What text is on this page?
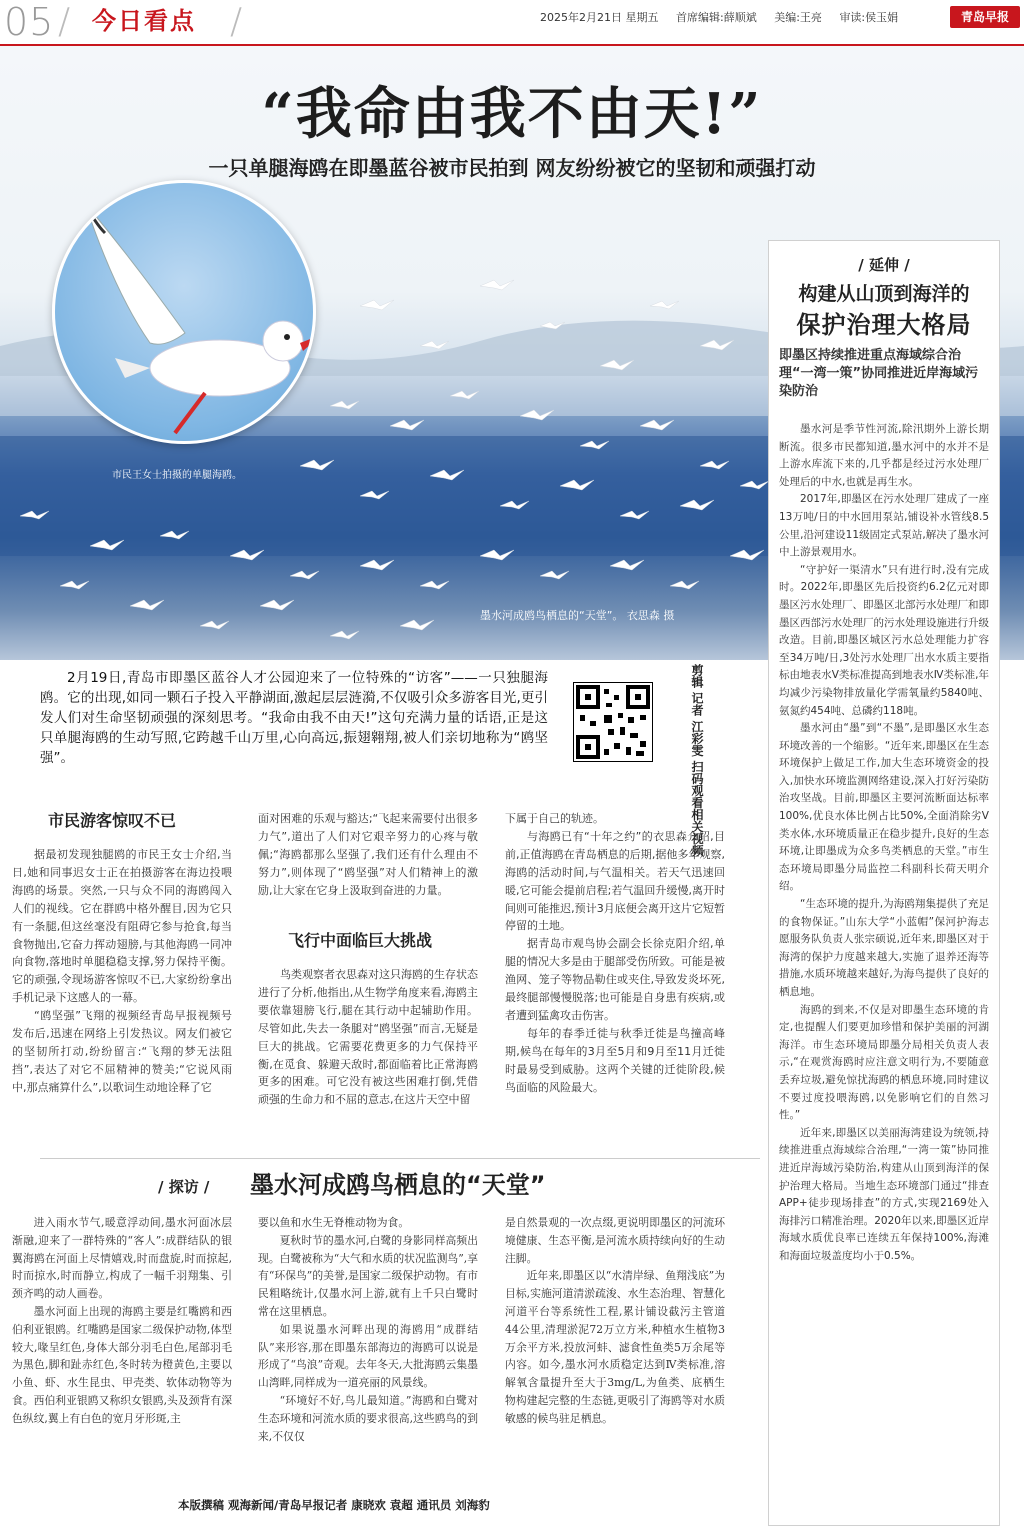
05 / 今日看点 /	2025年2月21日 星期五 首席编辑:薛顺斌 美编:王亮 审读:侯玉娟	青岛早报
“我命由我不由天!”
一只单腿海鸥在即墨蓝谷被市民拍到 网友纷纷被它的坚韧和顽强打动
市民王女士拍摄的单腿海鸥。
墨水河成鸥鸟栖息的“天堂”。 衣思森 摄
/ 延伸 /
构建从山顶到海洋的
保护治理大格局
即墨区持续推进重点海域综合治理“一湾一策”协同推进近岸海域污染防治

墨水河是季节性河流,除汛期外上游长期断流。很多市民都知道,墨水河中的水并不是上游水库流下来的,几乎都是经过污水处理厂处理后的中水,也就是再生水。

2017年,即墨区在污水处理厂建成了一座13万吨/日的中水回用泵站,铺设补水管线8.5公里,沿河建设11级固定式泵站,解决了墨水河中上游景观用水。

“守护好一渠清水”只有进行时,没有完成时。2022年,即墨区先后投资约6.2亿元对即墨区污水处理厂、即墨区北部污水处理厂和即墨区西部污水处理厂的污水处理设施进行升级改造。目前,即墨区城区污水总处理能力扩容至34万吨/日,3处污水处理厂出水水质主要指标由地表水Ⅴ类标准提高到地表水Ⅳ类标准,年均减少污染物排放量化学需氧量约5840吨、氨氮约454吨、总磷约118吨。

墨水河由“墨”到“不墨”,是即墨区水生态环境改善的一个缩影。“近年来,即墨区在生态环境保护上做足工作,加大生态环境资金的投入,加快水环境监测网络建设,深入打好污染防治攻坚战。目前,即墨区主要河流断面达标率100%,优良水体比例占比50%,全面消除劣Ⅴ类水体,水环境质量正在稳步提升,良好的生态环境,让即墨成为众多鸟类栖息的天堂。”市生态环境局即墨分局监控二科副科长荷天明介绍。

“生态环境的提升,为海鸥翔集提供了充足的食物保证。”山东大学“小蓝帽”保河护海志愿服务队负责人张宗硕说,近年来,即墨区对于海湾的保护力度越来越大,实施了退养还海等措施,水质环境越来越好,为海鸟提供了良好的栖息地。

海鸥的到来,不仅是对即墨生态环境的肯定,也提醒人们要更加珍惜和保护美丽的河湖海洋。市生态环境局即墨分局相关负责人表示,“在观赏海鸥时应注意文明行为,不要随意丢弃垃圾,避免惊扰海鸥的栖息环境,同时建议不要过度投喂海鸥,以免影响它们的自然习性。”

近年来,即墨区以美丽海湾建设为统领,持续推进重点海域综合治理,“一湾一策”协同推进近岸海域污染防治,构建从山顶到海洋的保护治理大格局。当地生态环境部门通过“排查APP+徒步现场排查”的方式,实现2169处入海排污口精准治理。2020年以来,即墨区近岸海域水质优良率已连续五年保持100%,海滩和海面垃圾盖度均小于0.5%。

2月19日,青岛市即墨区蓝谷人才公园迎来了一位特殊的“访客”——一只独腿海鸥。它的出现,如同一颗石子投入平静湖面,激起层层涟漪,不仅吸引众多游客目光,更引发人们对生命坚韧顽强的深刻思考。“我命由我不由天!”这句充满力量的话语,正是这只单腿海鸥的生动写照,它跨越千山万里,心向高远,振翅翱翔,被人们亲切地称为“鸥坚强”。	剪辑 记者 江彩雯 扫码观看相关视频
市民游客惊叹不已

据最初发现独腿鸥的市民王女士介绍,当日,她和同事迟女士正在拍摄游客在海边投喂海鸥的场景。突然,一只与众不同的海鸥闯入人们的视线。它在群鸥中格外醒目,因为它只有一条腿,但这丝毫没有阻碍它参与抢食,每当食物抛出,它奋力挥动翅膀,与其他海鸥一同冲向食物,落地时单腿稳稳支撑,努力保持平衡。它的顽强,令现场游客惊叹不已,大家纷纷拿出手机记录下这感人的一幕。

“鸥坚强”飞翔的视频经青岛早报视频号发布后,迅速在网络上引发热议。网友们被它的坚韧所打动,纷纷留言:“飞翔的梦无法阻挡”,表达了对它不屈精神的赞美;“它说风雨中,那点痛算什么”,以歌词生动地诠释了它

面对困难的乐观与豁达;“飞起来需要付出很多力气”,道出了人们对它艰辛努力的心疼与敬佩;“海鸥都那么坚强了,我们还有什么理由不努力”,则体现了“鸥坚强”对人们精神上的激励,让大家在它身上汲取到奋进的力量。

飞行中面临巨大挑战

鸟类观察者衣思森对这只海鸥的生存状态进行了分析,他指出,从生物学角度来看,海鸥主要依靠翅膀飞行,腿在其行动中起辅助作用。尽管如此,失去一条腿对“鸥坚强”而言,无疑是巨大的挑战。它需要花费更多的力气保持平衡,在觅食、躲避天敌时,都面临着比正常海鸥更多的困难。可它没有被这些困难打倒,凭借顽强的生命力和不屈的意志,在这片天空中留

下属于自己的轨迹。

与海鸥已有“十年之约”的衣思森介绍,目前,正值海鸥在青岛栖息的后期,据他多年观察,海鸥的活动时间,与气温相关。若天气迅速回暖,它可能会提前启程;若气温回升缓慢,离开时间则可能推迟,预计3月底便会离开这片它短暂停留的土地。

据青岛市观鸟协会副会长徐克阳介绍,单腿的情况大多是由于腿部受伤所致。可能是被渔网、笼子等物品勒住或夹住,导致发炎坏死,最终腿部慢慢脱落;也可能是自身患有疾病,或者遭到猛禽攻击伤害。

每年的春季迁徙与秋季迁徙是鸟撞高峰期,候鸟在每年的3月至5月和9月至11月迁徙时最易受到威胁。这两个关键的迁徙阶段,候鸟面临的风险最大。

/ 探访 / 墨水河成鸥鸟栖息的“天堂”

进入雨水节气,暖意浮动间,墨水河面冰层渐融,迎来了一群特殊的“客人”:成群结队的银翼海鸥在河面上尽情嬉戏,时而盘旋,时而掠起,时而掠水,时而静立,构成了一幅千羽翔集、引颈齐鸣的动人画卷。

墨水河面上出现的海鸥主要是红嘴鸥和西伯利亚银鸥。红嘴鸥是国家二级保护动物,体型较大,喙呈红色,身体大部分羽毛白色,尾部羽毛为黑色,脚和趾赤红色,冬时转为橙黄色,主要以小鱼、虾、水生昆虫、甲壳类、软体动物等为食。西伯利亚银鸥又称织女银鸥,头及颈背有深色纵纹,翼上有白色的宽月牙形斑,主

要以鱼和水生无脊椎动物为食。

夏秋时节的墨水河,白鹭的身影同样高频出现。白鹭被称为“大气和水质的状况监测鸟”,享有“环保鸟”的美誉,是国家二级保护动物。有市民粗略统计,仅墨水河上游,就有上千只白鹭时常在这里栖息。

如果说墨水河畔出现的海鸥用“成群结队”来形容,那在即墨东部海边的海鸥可以说是形成了“鸟浪”奇观。去年冬天,大批海鸥云集墨山湾畔,同样成为一道亮丽的风景线。

“环境好不好,鸟儿最知道。”海鸥和白鹭对生态环境和河流水质的要求很高,这些鸥鸟的到来,不仅仅

是自然景观的一次点缀,更说明即墨区的河流环境健康、生态平衡,是河流水质持续向好的生动注脚。

近年来,即墨区以“水清岸绿、鱼翔浅底”为目标,实施河道清淤疏浚、水生态治理、智慧化河道平台等系统性工程,累计铺设截污主管道44公里,清理淤泥72万立方米,种植水生植物3万余平方米,投放河蚌、滤食性鱼类5万余尾等内容。如今,墨水河水质稳定达到Ⅳ类标准,溶解氧含量提升至大于3mg/L,为鱼类、底栖生物构建起完整的生态链,更吸引了海鸥等对水质敏感的候鸟驻足栖息。

本版撰稿 观海新闻/青岛早报记者 康晓欢 袁超 通讯员 刘海豹
